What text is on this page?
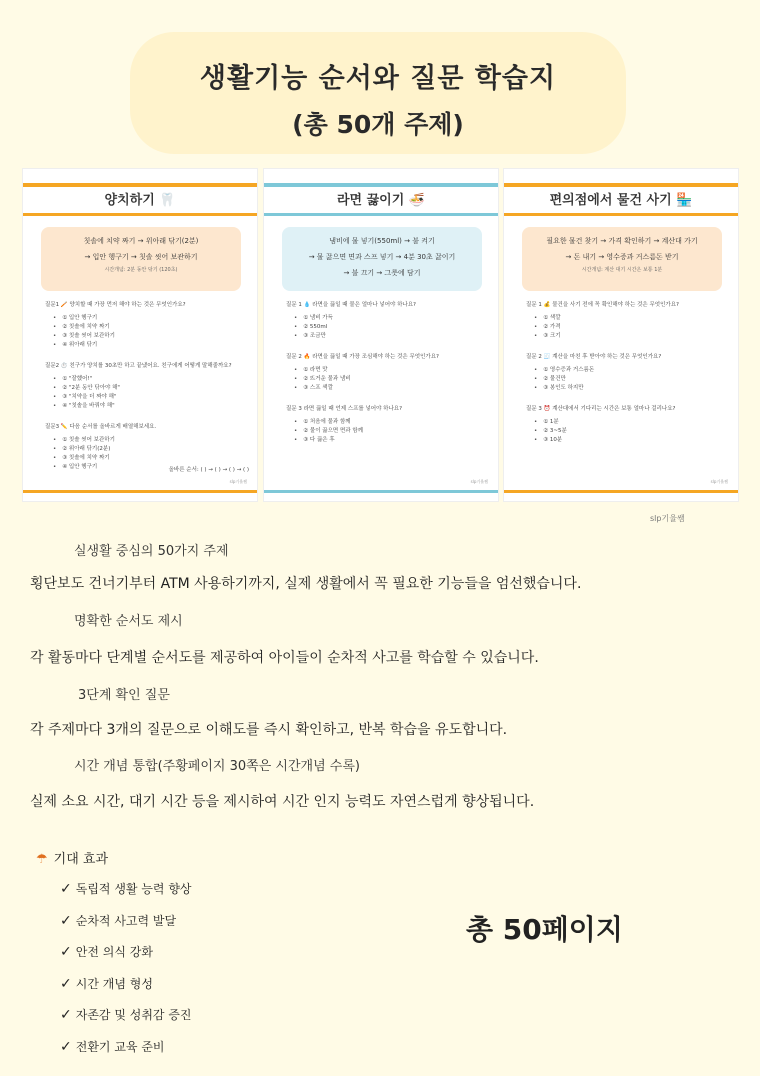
생활기능 순서와 질문 학습지
(총 50개 주제)
양치하기 🦷
칫솔에 치약 짜기 → 위아래 닦기(2분)
→ 입안 헹구기 → 칫솔 씻어 보관하기
시간개념: 2분 동안 닦기 (120초)
질문1 🪥 양치할 때 가장 먼저 해야 하는 것은 무엇인가요?
• ① 입안 헹구기
• ② 칫솔에 치약 짜기
• ③ 칫솔 씻어 보관하기
• ④ 위아래 닦기
질문2 ⏱️ 친구가 양치를 30초만 하고 끝냈어요. 친구에게 어떻게 말해줄까요?
• ① "잘했어!"
• ② "2분 동안 닦아야 해"
• ③ "치약을 더 짜야 해"
• ④ "칫솔을 바꿔야 해"
질문3 ✏️ 다음 순서를 올바르게 배열해보세요.
• ① 칫솔 씻어 보관하기
• ② 위아래 닦기(2분)
• ③ 칫솔에 치약 짜기
• ④ 입안 헹구기	올바른 순서: ( ) → ( ) → ( ) → ( )
slp기율쌤
라면 끓이기 🍜
냄비에 물 넣기(550ml) → 불 켜기
→ 물 끓으면 면과 스프 넣기 → 4분 30초 끓이기
→ 불 끄기 → 그릇에 담기
질문 1 💧 라면을 끓일 때 물은 얼마나 넣어야 하나요?
• ① 냄비 가득
• ② 550ml
• ③ 조금만
질문 2 🔥 라면을 끓일 때 가장 조심해야 하는 것은 무엇인가요?
• ① 라면 맛
• ② 뜨거운 물과 냄비
• ③ 스프 색깔
질문 3 라면 끓일 때 언제 스프를 넣어야 하나요?
• ① 처음에 물과 함께
• ② 물이 끓으면 면과 함께
• ③ 다 끓은 후
slp기율쌤
편의점에서 물건 사기 🏪
필요한 물건 찾기 → 가격 확인하기 → 계산대 가기
→ 돈 내기 → 영수증과 거스름돈 받기
시간개념: 계산 대기 시간은 보통 1분
질문 1 💰 물건을 사기 전에 꼭 확인해야 하는 것은 무엇인가요?
• ① 색깔
• ② 가격
• ③ 크기
질문 2 🧾 계산을 마친 후 받아야 하는 것은 무엇인가요?
• ① 영수증과 거스름돈
• ② 물건만
• ③ 봉인도 하지만
질문 3 ⏰ 계산대에서 기다리는 시간은 보통 얼마나 걸리나요?
• ① 1분
• ② 3~5분
• ③ 10분
slp기율쌤
slp기율쌤
실생활 중심의 50가지 주제
횡단보도 건너기부터 ATM 사용하기까지, 실제 생활에서 꼭 필요한 기능들을 엄선했습니다.
명확한 순서도 제시
각 활동마다 단계별 순서도를 제공하여 아이들이 순차적 사고를 학습할 수 있습니다.
3단계 확인 질문
각 주제마다 3개의 질문으로 이해도를 즉시 확인하고, 반복 학습을 유도합니다.
시간 개념 통합(주황페이지 30쪽은 시간개념 수록)
실제 소요 시간, 대기 시간 등을 제시하여 시간 인지 능력도 자연스럽게 향상됩니다.
☂ 기대 효과
✓ 독립적 생활 능력 향상
✓ 순차적 사고력 발달
✓ 안전 의식 강화
✓ 시간 개념 형성
✓ 자존감 및 성취감 증진
✓ 전환기 교육 준비
총 50페이지
